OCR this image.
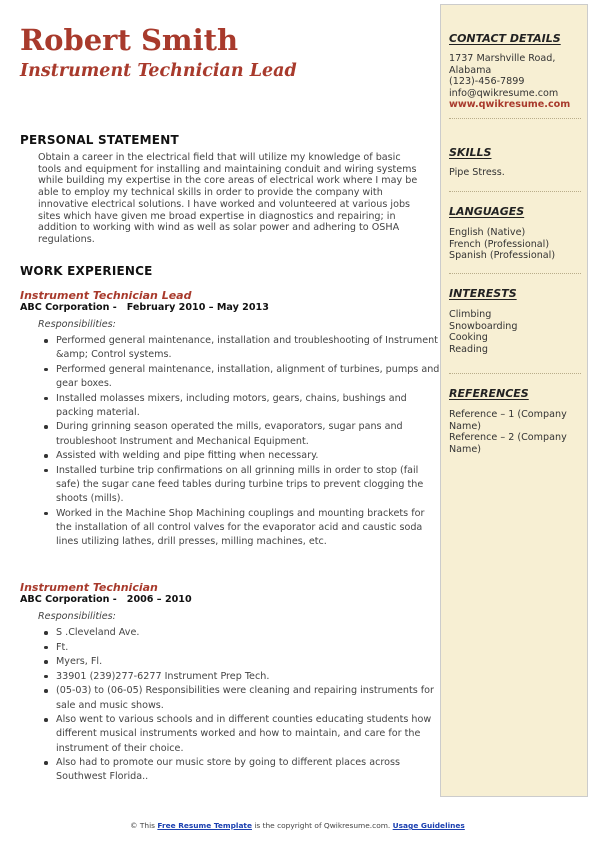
Robert Smith
Instrument Technician Lead
PERSONAL STATEMENT

Obtain a career in the electrical field that will utilize my knowledge of basic tools and equipment for installing and maintaining conduit and wiring systems while building my expertise in the core areas of electrical work where I may be able to employ my technical skills in order to provide the company with innovative electrical solutions. I have worked and volunteered at various jobs sites which have given me broad expertise in diagnostics and repairing; in addition to working with wind as well as solar power and adhering to OSHA regulations.

WORK EXPERIENCE
Instrument Technician Lead
ABC Corporation - February 2010 – May 2013
Responsibilities:
Performed general maintenance, installation and troubleshooting of Instrument &amp; Control systems.
Performed general maintenance, installation, alignment of turbines, pumps and gear boxes.
Installed molasses mixers, including motors, gears, chains, bushings and packing material.
During grinning season operated the mills, evaporators, sugar pans and troubleshoot Instrument and Mechanical Equipment.
Assisted with welding and pipe fitting when necessary.
Installed turbine trip confirmations on all grinning mills in order to stop (fail safe) the sugar cane feed tables during turbine trips to prevent clogging the shoots (mills).
Worked in the Machine Shop Machining couplings and mounting brackets for the installation of all control valves for the evaporator acid and caustic soda lines utilizing lathes, drill presses, milling machines, etc.
Instrument Technician
ABC Corporation - 2006 – 2010
Responsibilities:
S .Cleveland Ave.
Ft.
Myers, Fl.
33901 (239)277-6277 Instrument Prep Tech.
(05-03) to (06-05) Responsibilities were cleaning and repairing instruments for sale and music shows.
Also went to various schools and in different counties educating students how different musical instruments worked and how to maintain, and care for the instrument of their choice.
Also had to promote our music store by going to different places across Southwest Florida..
CONTACT DETAILS
1737 Marshville Road,
Alabama
(123)-456-7899
info@qwikresume.com
www.qwikresume.com
SKILLS
Pipe Stress.
LANGUAGES
English (Native)
French (Professional)
Spanish (Professional)
INTERESTS
Climbing
Snowboarding
Cooking
Reading
REFERENCES
Reference – 1 (Company Name)
Reference – 2 (Company Name)
© This Free Resume Template is the copyright of Qwikresume.com. Usage Guidelines
